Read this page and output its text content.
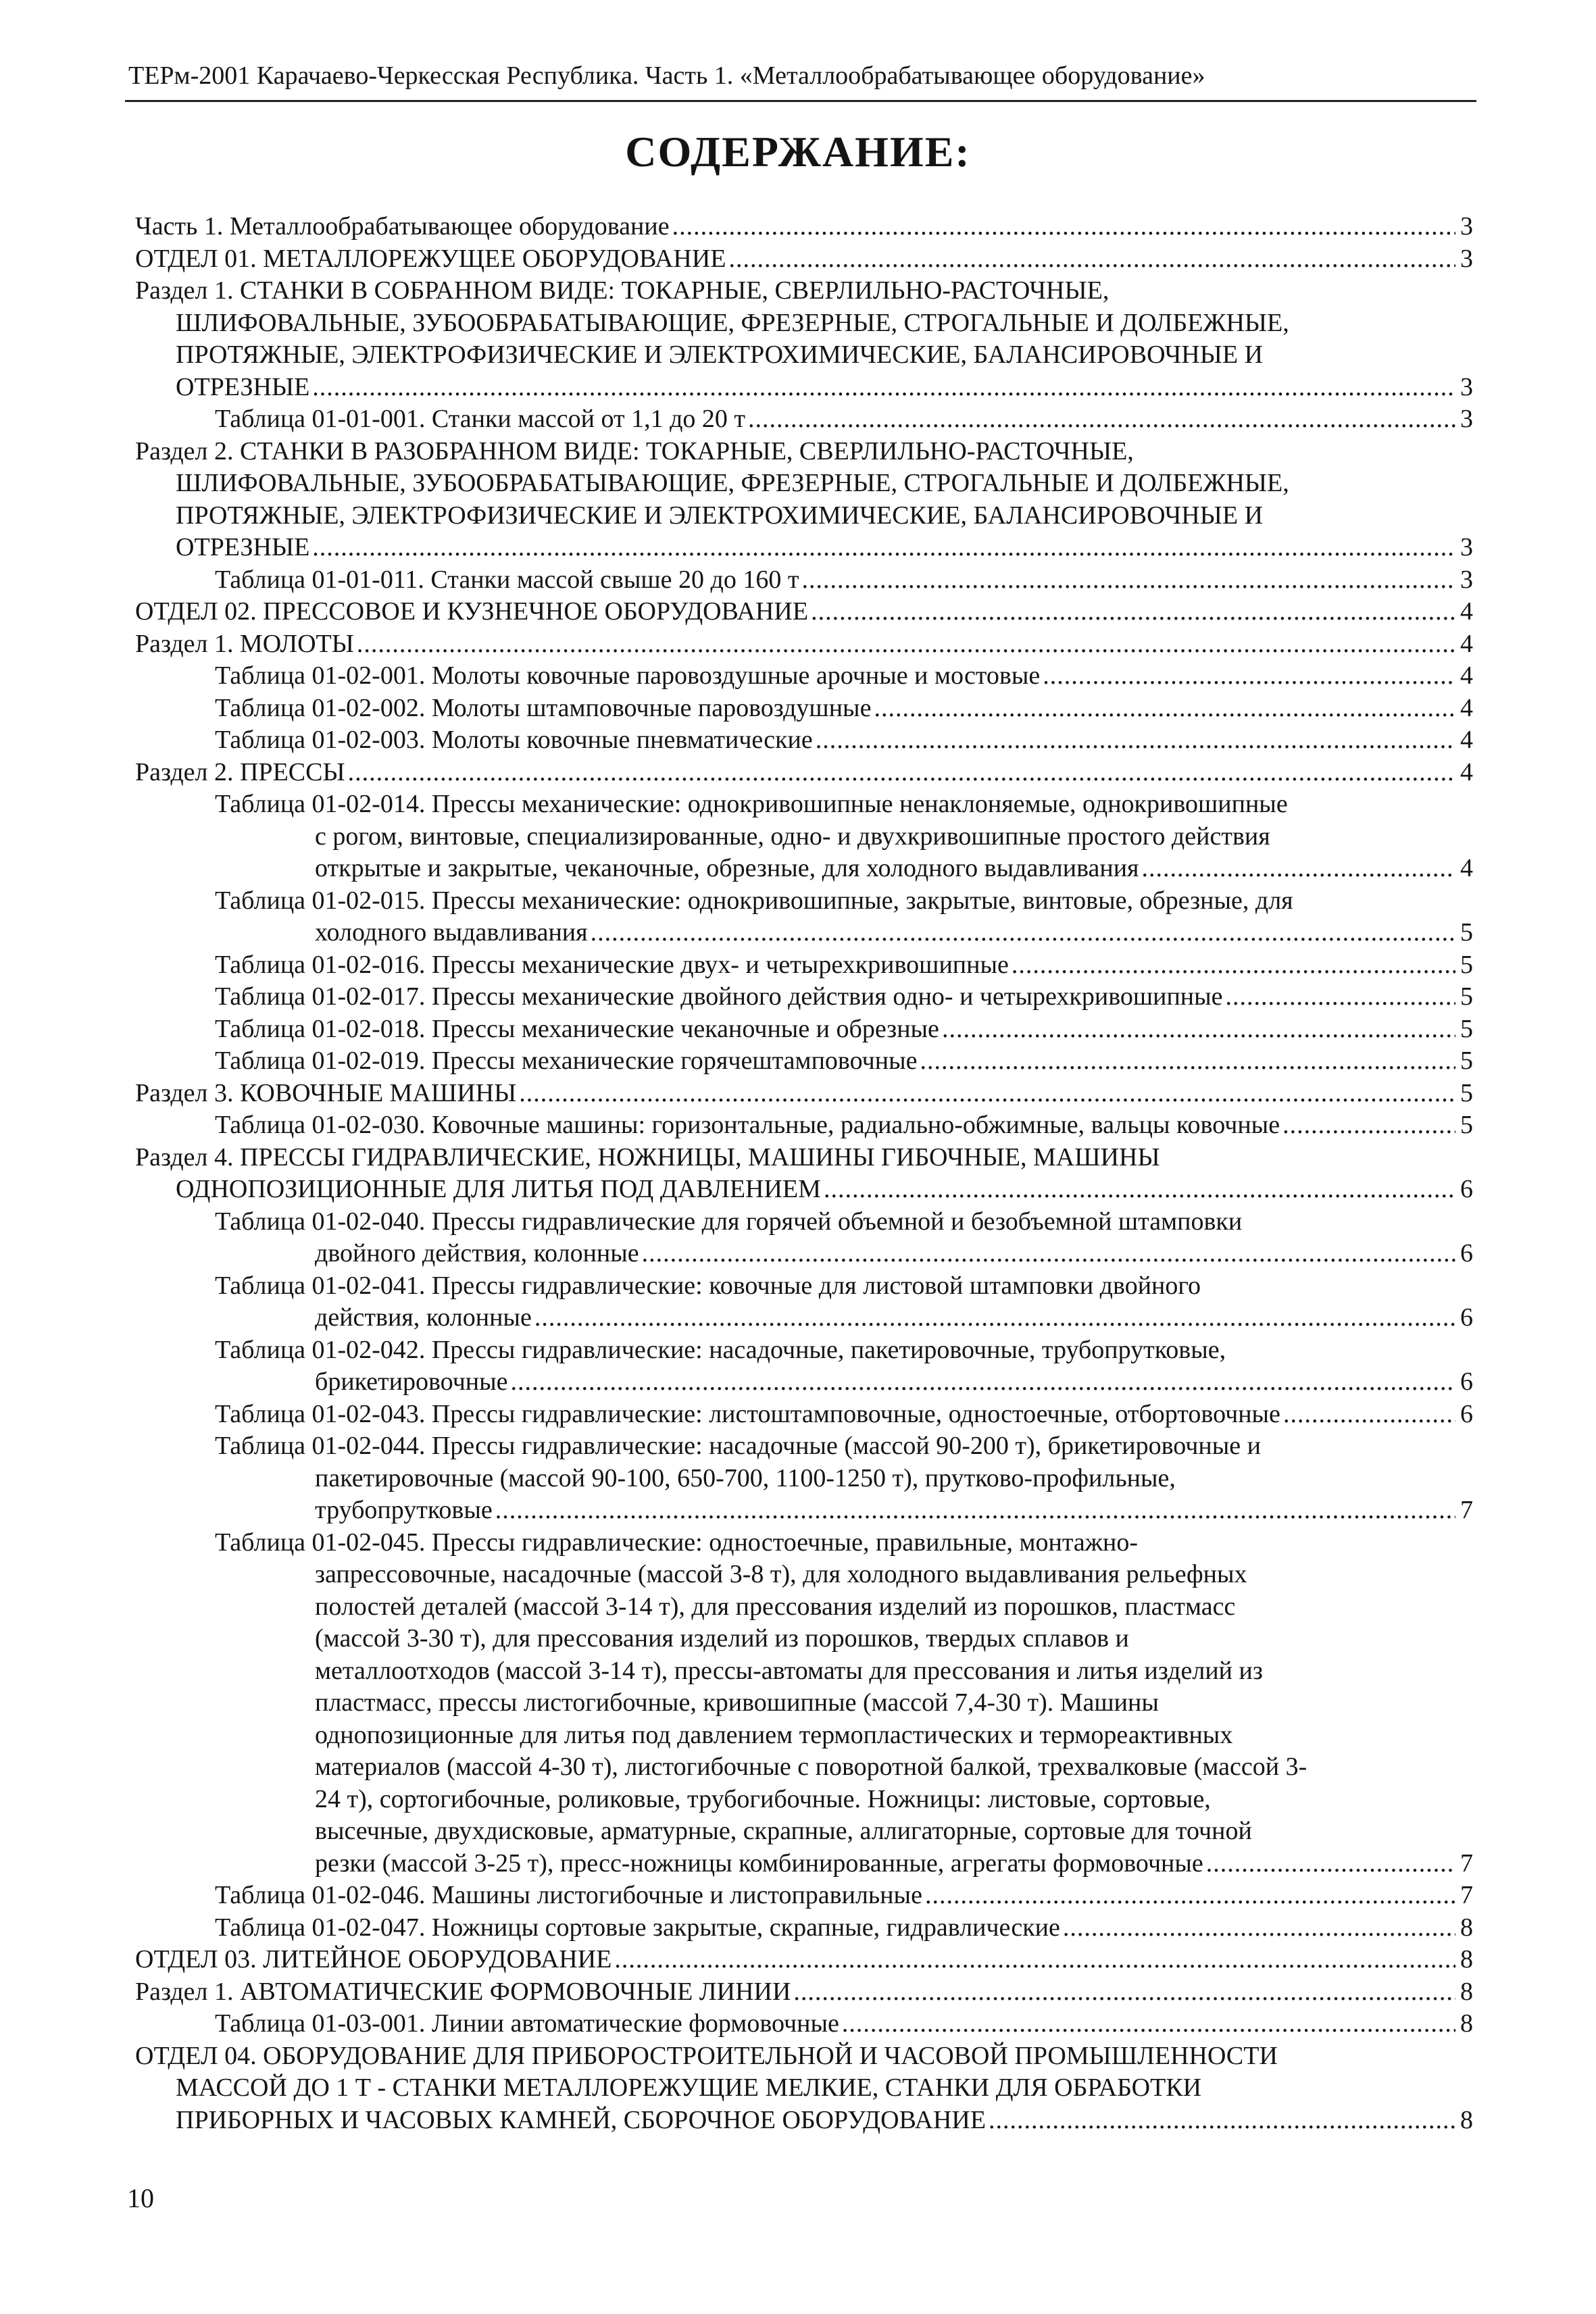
ТЕРм-2001 Карачаево-Черкесская Республика. Часть 1. «Металлообрабатывающее оборудование»
СОДЕРЖАНИЕ:
Часть 1. Металлообрабатывающее оборудование .....	3
ОТДЕЛ 01. МЕТАЛЛОРЕЖУЩЕЕ ОБОРУДОВАНИЕ .....	3
Раздел 1. СТАНКИ В СОБРАННОМ ВИДЕ: ТОКАРНЫЕ, СВЕРЛИЛЬНО-РАСТОЧНЫЕ,
ШЛИФОВАЛЬНЫЕ, ЗУБООБРАБАТЫВАЮЩИЕ, ФРЕЗЕРНЫЕ, СТРОГАЛЬНЫЕ И ДОЛБЕЖНЫЕ,
ПРОТЯЖНЫЕ, ЭЛЕКТРОФИЗИЧЕСКИЕ И ЭЛЕКТРОХИМИЧЕСКИЕ, БАЛАНСИРОВОЧНЫЕ И
ОТРЕЗНЫЕ .....	3
Таблица 01-01-001. Станки массой от 1,1 до 20 т .....	3
Раздел 2. СТАНКИ В РАЗОБРАННОМ ВИДЕ: ТОКАРНЫЕ, СВЕРЛИЛЬНО-РАСТОЧНЫЕ,
ШЛИФОВАЛЬНЫЕ, ЗУБООБРАБАТЫВАЮЩИЕ, ФРЕЗЕРНЫЕ, СТРОГАЛЬНЫЕ И ДОЛБЕЖНЫЕ,
ПРОТЯЖНЫЕ, ЭЛЕКТРОФИЗИЧЕСКИЕ И ЭЛЕКТРОХИМИЧЕСКИЕ, БАЛАНСИРОВОЧНЫЕ И
ОТРЕЗНЫЕ .....	3
Таблица 01-01-011. Станки массой свыше 20 до 160 т .....	3
ОТДЕЛ 02. ПРЕССОВОЕ И КУЗНЕЧНОЕ ОБОРУДОВАНИЕ .....	4
Раздел 1. МОЛОТЫ .....	4
Таблица 01-02-001. Молоты ковочные паровоздушные арочные и мостовые .....	4
Таблица 01-02-002. Молоты штамповочные паровоздушные .....	4
Таблица 01-02-003. Молоты ковочные пневматические .....	4
Раздел 2. ПРЕССЫ .....	4
Таблица 01-02-014. Прессы механические: однокривошипные ненаклоняемые, однокривошипные
с рогом, винтовые, специализированные, одно- и двухкривошипные простого действия
открытые и закрытые, чеканочные, обрезные, для холодного выдавливания .....	4
Таблица 01-02-015. Прессы механические: однокривошипные, закрытые, винтовые, обрезные, для
холодного выдавливания .....	5
Таблица 01-02-016. Прессы механические двух- и четырехкривошипные .....	5
Таблица 01-02-017. Прессы механические двойного действия одно- и четырехкривошипные .....	5
Таблица 01-02-018. Прессы механические чеканочные и обрезные .....	5
Таблица 01-02-019. Прессы механические горячештамповочные .....	5
Раздел 3. КОВОЧНЫЕ МАШИНЫ .....	5
Таблица 01-02-030. Ковочные машины: горизонтальные, радиально-обжимные, вальцы ковочные .....	5
Раздел 4. ПРЕССЫ ГИДРАВЛИЧЕСКИЕ, НОЖНИЦЫ, МАШИНЫ ГИБОЧНЫЕ, МАШИНЫ
ОДНОПОЗИЦИОННЫЕ ДЛЯ ЛИТЬЯ ПОД ДАВЛЕНИЕМ .....	6
Таблица 01-02-040. Прессы гидравлические для горячей объемной и безобъемной штамповки
двойного действия, колонные .....	6
Таблица 01-02-041. Прессы гидравлические: ковочные для листовой штамповки двойного
действия, колонные .....	6
Таблица 01-02-042. Прессы гидравлические: насадочные, пакетировочные, трубопрутковые,
брикетировочные .....	6
Таблица 01-02-043. Прессы гидравлические: листоштамповочные, одностоечные, отбортовочные .....	6
Таблица 01-02-044. Прессы гидравлические: насадочные (массой 90-200 т), брикетировочные и
пакетировочные (массой 90-100, 650-700, 1100-1250 т), прутково-профильные,
трубопрутковые .....	7
Таблица 01-02-045. Прессы гидравлические: одностоечные, правильные, монтажно-
запрессовочные, насадочные (массой 3-8 т), для холодного выдавливания рельефных
полостей деталей (массой 3-14 т), для прессования изделий из порошков, пластмасс
(массой 3-30 т), для прессования изделий из порошков, твердых сплавов и
металлоотходов (массой 3-14 т), прессы-автоматы для прессования и литья изделий из
пластмасс, прессы листогибочные, кривошипные (массой 7,4-30 т). Машины
однопозиционные для литья под давлением термопластических и термореактивных
материалов (массой 4-30 т), листогибочные с поворотной балкой, трехвалковые (массой 3-
24 т), сортогибочные, роликовые, трубогибочные. Ножницы: листовые, сортовые,
высечные, двухдисковые, арматурные, скрапные, аллигаторные, сортовые для точной
резки (массой 3-25 т), пресс-ножницы комбинированные, агрегаты формовочные .....	7
Таблица 01-02-046. Машины листогибочные и листоправильные .....	7
Таблица 01-02-047. Ножницы сортовые закрытые, скрапные, гидравлические .....	8
ОТДЕЛ 03. ЛИТЕЙНОЕ ОБОРУДОВАНИЕ .....	8
Раздел 1. АВТОМАТИЧЕСКИЕ ФОРМОВОЧНЫЕ ЛИНИИ .....	8
Таблица 01-03-001. Линии автоматические формовочные .....	8
ОТДЕЛ 04. ОБОРУДОВАНИЕ ДЛЯ ПРИБОРОСТРОИТЕЛЬНОЙ И ЧАСОВОЙ ПРОМЫШЛЕННОСТИ
МАССОЙ ДО 1 Т - СТАНКИ МЕТАЛЛОРЕЖУЩИЕ МЕЛКИЕ, СТАНКИ ДЛЯ ОБРАБОТКИ
ПРИБОРНЫХ И ЧАСОВЫХ КАМНЕЙ, СБОРОЧНОЕ ОБОРУДОВАНИЕ .....	8
10
